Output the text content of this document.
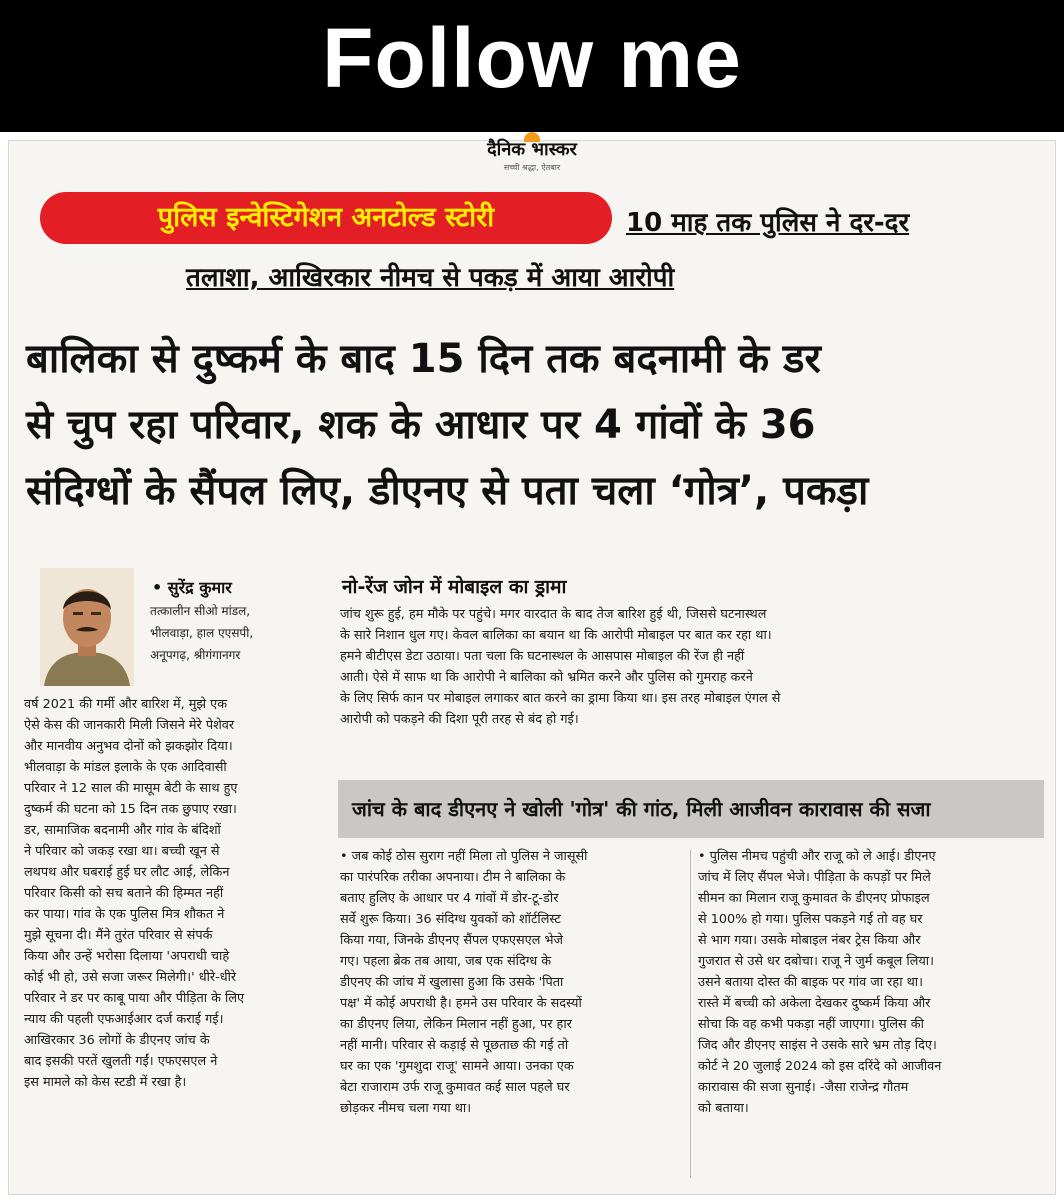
Follow me
दैनिक भास्कर
सच्ची श्रद्धा, ऐतबार
पुलिस इन्वेस्टिगेशन अनटोल्ड स्टोरी	10 माह तक पुलिस ने दर-दर
तलाशा, आखिरकार नीमच से पकड़ में आया आरोपी
बालिका से दुष्कर्म के बाद 15 दिन तक बदनामी के डर
से चुप रहा परिवार, शक के आधार पर 4 गांवों के 36
संदिग्धों के सैंपल लिए, डीएनए से पता चला ‘गोत्र’, पकड़ा
• सुरेंद्र कुमार
तत्कालीन सीओ मांडल,
भीलवाड़ा, हाल एएसपी,
अनूपगढ़, श्रीगंगानगर
वर्ष 2021 की गर्मी और बारिश में, मुझे एक
ऐसे केस की जानकारी मिली जिसने मेरे पेशेवर
और मानवीय अनुभव दोनों को झकझोर दिया।
भीलवाड़ा के मांडल इलाके के एक आदिवासी
परिवार ने 12 साल की मासूम बेटी के साथ हुए
दुष्कर्म की घटना को 15 दिन तक छुपाए रखा।
डर, सामाजिक बदनामी और गांव के बंदिशों
ने परिवार को जकड़ रखा था। बच्ची खून से
लथपथ और घबराई हुई घर लौट आई, लेकिन
परिवार किसी को सच बताने की हिम्मत नहीं
कर पाया। गांव के एक पुलिस मित्र शौकत ने
मुझे सूचना दी। मैंने तुरंत परिवार से संपर्क
किया और उन्हें भरोसा दिलाया 'अपराधी चाहे
कोई भी हो, उसे सजा जरूर मिलेगी।' धीरे-धीरे
परिवार ने डर पर काबू पाया और पीड़िता के लिए
न्याय की पहली एफआईआर दर्ज कराई गई।
आखिरकार 36 लोगों के डीएनए जांच के
बाद इसकी परतें खुलती गईं। एफएसएल ने
इस मामले को केस स्टडी में रखा है।
नो-रेंज जोन में मोबाइल का ड्रामा
जांच शुरू हुई, हम मौके पर पहुंचे। मगर वारदात के बाद तेज बारिश हुई थी, जिससे घटनास्थल
के सारे निशान धुल गए। केवल बालिका का बयान था कि आरोपी मोबाइल पर बात कर रहा था।
हमने बीटीएस डेटा उठाया। पता चला कि घटनास्थल के आसपास मोबाइल की रेंज ही नहीं
आती। ऐसे में साफ था कि आरोपी ने बालिका को भ्रमित करने और पुलिस को गुमराह करने
के लिए सिर्फ कान पर मोबाइल लगाकर बात करने का ड्रामा किया था। इस तरह मोबाइल एंगल से
आरोपी को पकड़ने की दिशा पूरी तरह से बंद हो गई।
जांच के बाद डीएनए ने खोली 'गोत्र' की गांठ, मिली आजीवन कारावास की सजा
• जब कोई ठोस सुराग नहीं मिला तो पुलिस ने जासूसी
का पारंपरिक तरीका अपनाया। टीम ने बालिका के
बताए हुलिए के आधार पर 4 गांवों में डोर-टू-डोर
सर्वे शुरू किया। 36 संदिग्ध युवकों को शॉर्टलिस्ट
किया गया, जिनके डीएनए सैंपल एफएसएल भेजे
गए। पहला ब्रेक तब आया, जब एक संदिग्ध के
डीएनए की जांच में खुलासा हुआ कि उसके 'पिता
पक्ष' में कोई अपराधी है। हमने उस परिवार के सदस्यों
का डीएनए लिया, लेकिन मिलान नहीं हुआ, पर हार
नहीं मानी। परिवार से कड़ाई से पूछताछ की गई तो
घर का एक 'गुमशुदा राजू' सामने आया। उनका एक
बेटा राजाराम उर्फ राजू कुमावत कई साल पहले घर
छोड़कर नीमच चला गया था।
• पुलिस नीमच पहुंची और राजू को ले आई। डीएनए
जांच में लिए सैंपल भेजे। पीड़िता के कपड़ों पर मिले
सीमन का मिलान राजू कुमावत के डीएनए प्रोफाइल
से 100% हो गया। पुलिस पकड़ने गई तो वह घर
से भाग गया। उसके मोबाइल नंबर ट्रेस किया और
गुजरात से उसे धर दबोचा। राजू ने जुर्म कबूल लिया।
उसने बताया दोस्त की बाइक पर गांव जा रहा था।
रास्ते में बच्ची को अकेला देखकर दुष्कर्म किया और
सोचा कि वह कभी पकड़ा नहीं जाएगा। पुलिस की
जिद और डीएनए साइंस ने उसके सारे भ्रम तोड़ दिए।
कोर्ट ने 20 जुलाई 2024 को इस दरिंदे को आजीवन
कारावास की सजा सुनाई। -जैसा राजेन्द्र गौतम
को बताया।
